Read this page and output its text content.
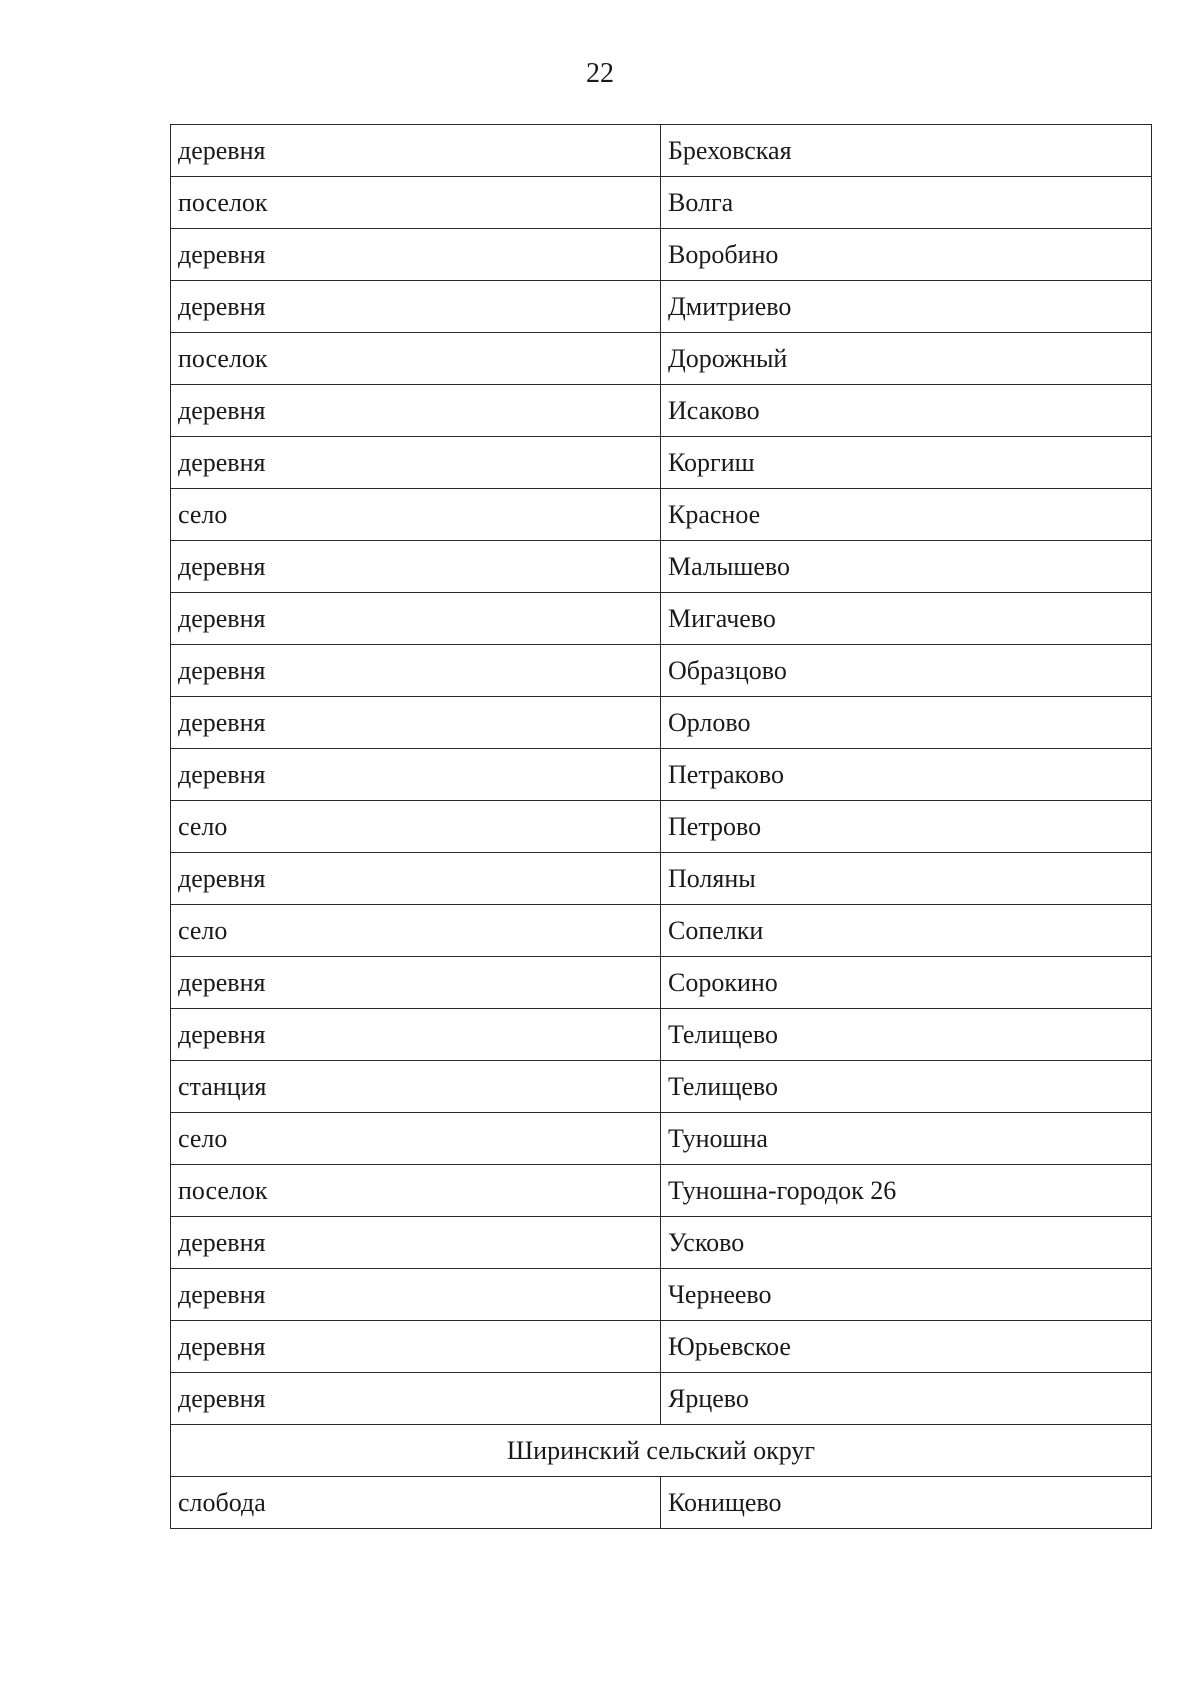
22
деревня	Бреховская
поселок	Волга
деревня	Воробино
деревня	Дмитриево
поселок	Дорожный
деревня	Исаково
деревня	Коргиш
село	Красное
деревня	Малышево
деревня	Мигачево
деревня	Образцово
деревня	Орлово
деревня	Петраково
село	Петрово
деревня	Поляны
село	Сопелки
деревня	Сорокино
деревня	Телищево
станция	Телищево
село	Туношна
поселок	Туношна-городок 26
деревня	Усково
деревня	Чернеево
деревня	Юрьевское
деревня	Ярцево
Ширинский сельский округ	
слобода	Конищево
